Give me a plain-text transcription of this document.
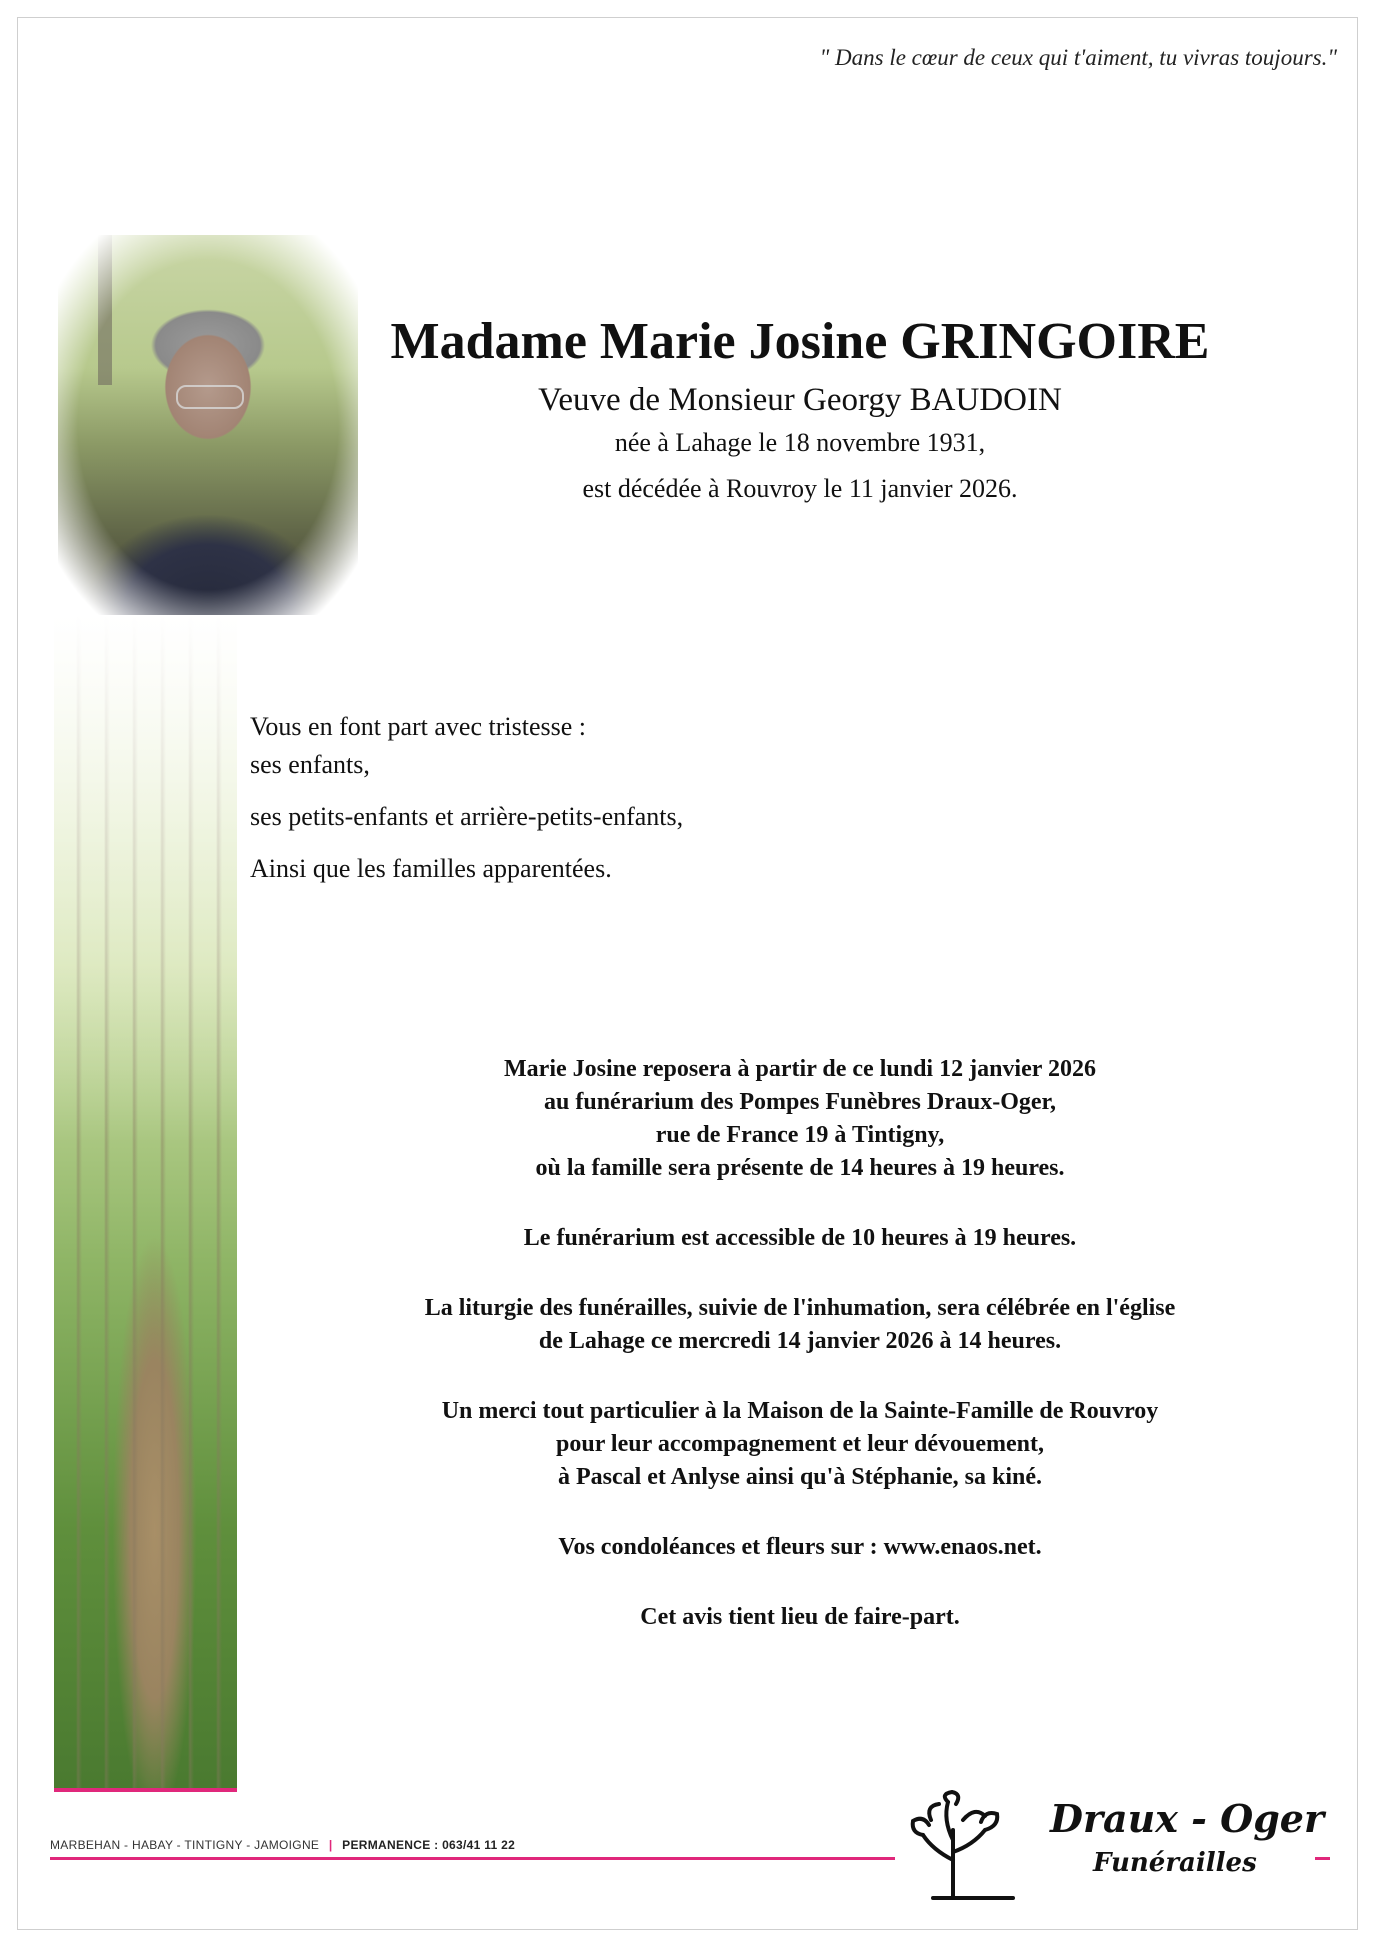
" Dans le cœur de ceux qui t'aiment, tu vivras toujours."
Madame Marie Josine GRINGOIRE
Veuve de Monsieur Georgy BAUDOIN
née à Lahage le 18 novembre 1931,
est décédée à Rouvroy le 11 janvier 2026.

Vous en font part avec tristesse :

ses enfants,

ses petits-enfants et arrière-petits-enfants,

Ainsi que les familles apparentées.

Marie Josine reposera à partir de ce lundi 12 janvier 2026
au funérarium des Pompes Funèbres Draux-Oger,
rue de France 19 à Tintigny,
où la famille sera présente de 14 heures à 19 heures.
Le funérarium est accessible de 10 heures à 19 heures.
La liturgie des funérailles, suivie de l'inhumation, sera célébrée en l'église
de Lahage ce mercredi 14 janvier 2026 à 14 heures.
Un merci tout particulier à la Maison de la Sainte-Famille de Rouvroy
pour leur accompagnement et leur dévouement,
à Pascal et Anlyse ainsi qu'à Stéphanie, sa kiné.
Vos condoléances et fleurs sur : www.enaos.net.
Cet avis tient lieu de faire-part.
MARBEHAN - HABAY - TINTIGNY - JAMOIGNE | PERMANENCE : 063/41 11 22
Draux - Oger
Funérailles
